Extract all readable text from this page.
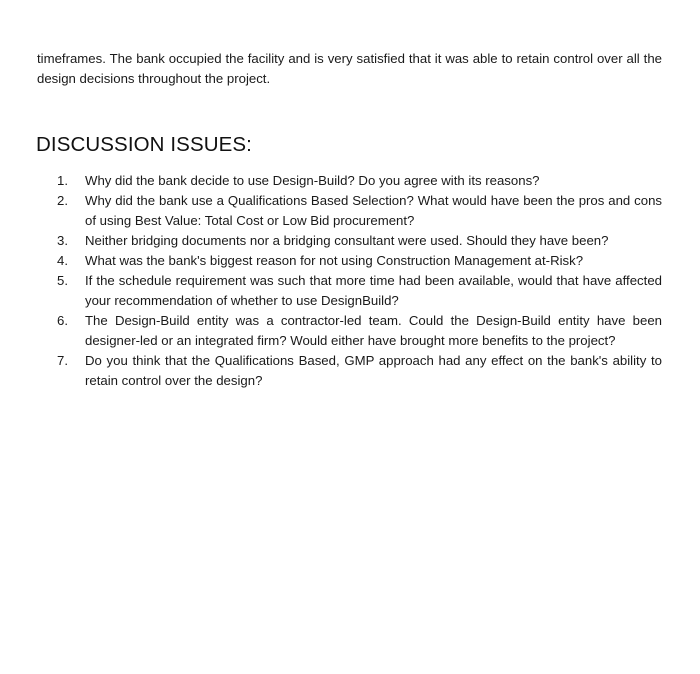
timeframes. The bank occupied the facility and is very satisfied that it was able to retain control over all the design decisions throughout the project.

DISCUSSION ISSUES:
1.	Why did the bank decide to use Design-Build? Do you agree with its reasons?
2.	Why did the bank use a Qualifications Based Selection? What would have been the pros and cons of using Best Value: Total Cost or Low Bid procurement?
3.	Neither bridging documents nor a bridging consultant were used. Should they have been?
4.	What was the bank's biggest reason for not using Construction Management at-Risk?
5.	If the schedule requirement was such that more time had been available, would that have affected your recommendation of whether to use DesignBuild?
6.	The Design-Build entity was a contractor-led team. Could the Design-Build entity have been designer-led or an integrated firm? Would either have brought more benefits to the project?
7.	Do you think that the Qualifications Based, GMP approach had any effect on the bank's ability to retain control over the design?
